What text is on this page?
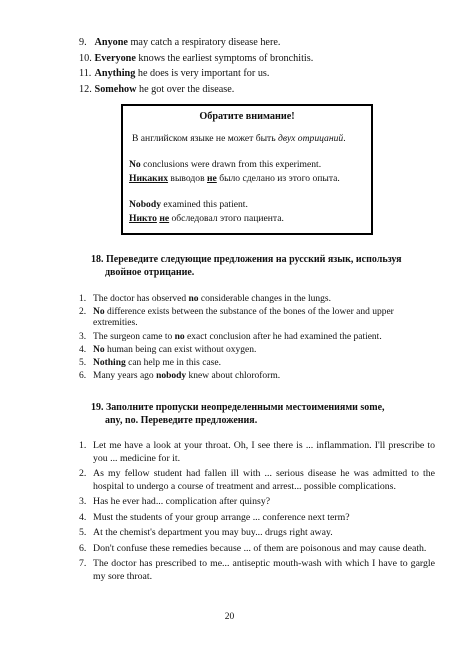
9. Anyone may catch a respiratory disease here.
10. Everyone knows the earliest symptoms of bronchitis.
11. Anything he does is very important for us.
12. Somehow he got over the disease.
Обратите внимание!
В английском языке не может быть двух отрицаний.
No conclusions were drawn from this experiment.
Никаких выводов не было сделано из этого опыта.
Nobody examined this patient.
Никто не обследовал этого пациента.
18. Переведите следующие предложения на русский язык, используя
двойное отрицание.
1. The doctor has observed no considerable changes in the lungs.
2. No difference exists between the substance of the bones of the lower and upper extremities.
3. The surgeon came to no exact conclusion after he had examined the patient.
4. No human being can exist without oxygen.
5. Nothing can help me in this case.
6. Many years ago nobody knew about chloroform.
19. Заполните пропуски неопределенными местоимениями some,
any, no. Переведите предложения.
1. Let me have a look at your throat. Oh, I see there is ... inflammation. I'll prescribe to you ... medicine for it.
2. As my fellow student had fallen ill with ... serious disease he was admitted to the hospital to undergo a course of treatment and arrest... possible complications.
3. Has he ever had... complication after quinsy?
4. Must the students of your group arrange ... conference next term?
5. At the chemist's department you may buy... drugs right away.
6. Don't confuse these remedies because ... of them are poisonous and may cause death.
7. The doctor has prescribed to me... antiseptic mouth-wash with which I have to gargle my sore throat.
20
